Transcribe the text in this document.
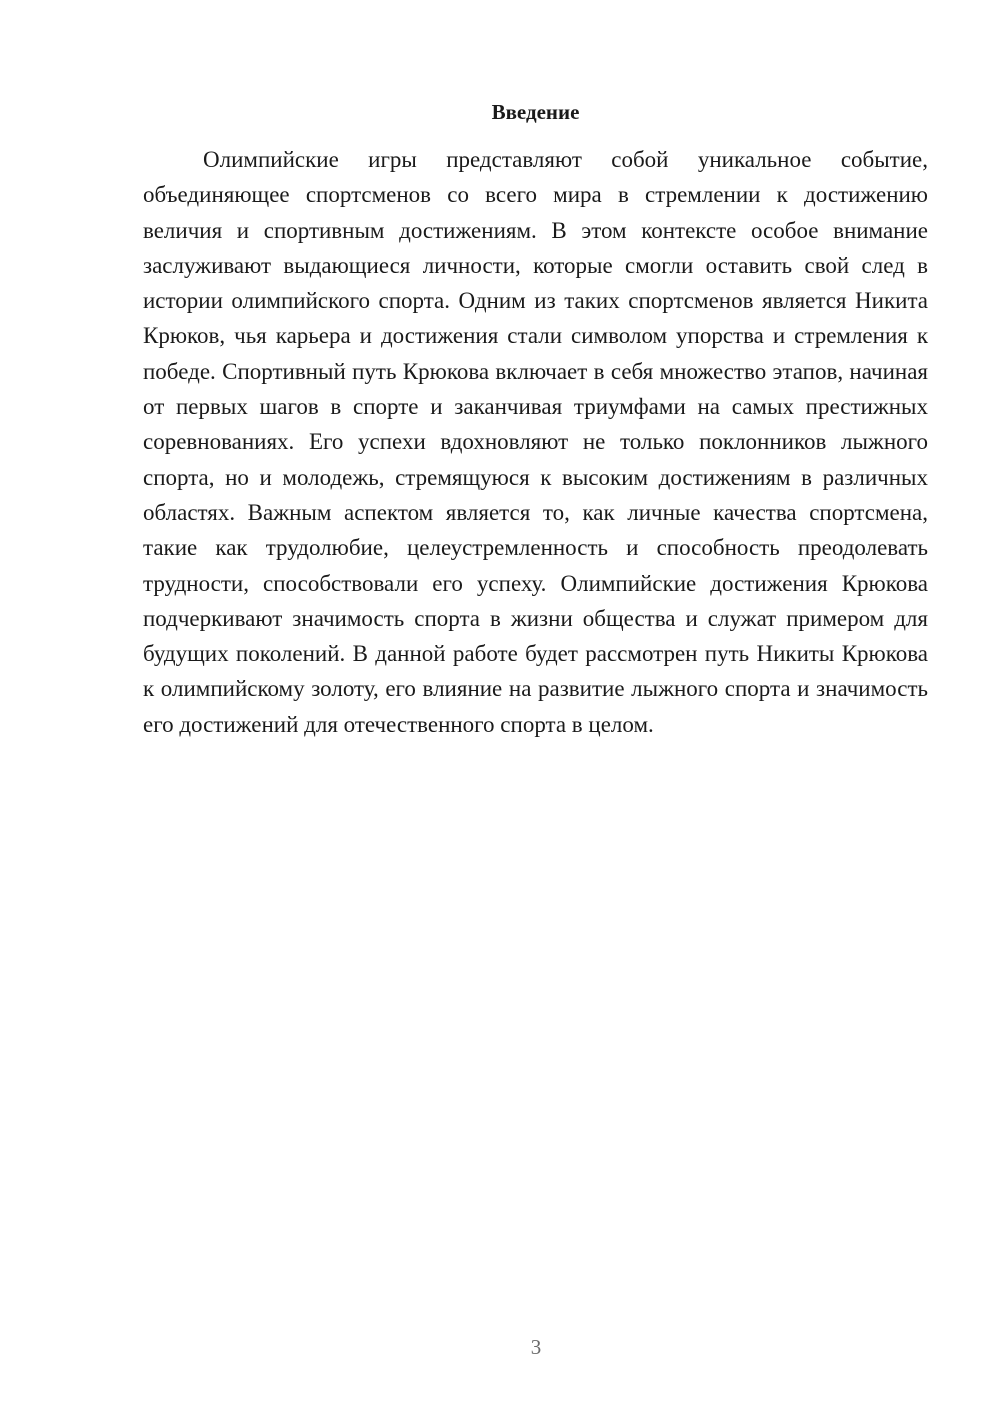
Введение

Олимпийские игры представляют собой уникальное событие, объединяющее спортсменов со всего мира в стремлении к достижению величия и спортивным достижениям. В этом контексте особое внимание заслуживают выдающиеся личности, которые смогли оставить свой след в истории олимпийского спорта. Одним из таких спортсменов является Никита Крюков, чья карьера и достижения стали символом упорства и стремления к победе. Спортивный путь Крюкова включает в себя множество этапов, начиная от первых шагов в спорте и заканчивая триумфами на самых престижных соревнованиях. Его успехи вдохновляют не только поклонников лыжного спорта, но и молодежь, стремящуюся к высоким достижениям в различных областях. Важным аспектом является то, как личные качества спортсмена, такие как трудолюбие, целеустремленность и способность преодолевать трудности, способствовали его успеху. Олимпийские достижения Крюкова подчеркивают значимость спорта в жизни общества и служат примером для будущих поколений. В данной работе будет рассмотрен путь Никиты Крюкова к олимпийскому золоту, его влияние на развитие лыжного спорта и значимость его достижений для отечественного спорта в целом.

3
